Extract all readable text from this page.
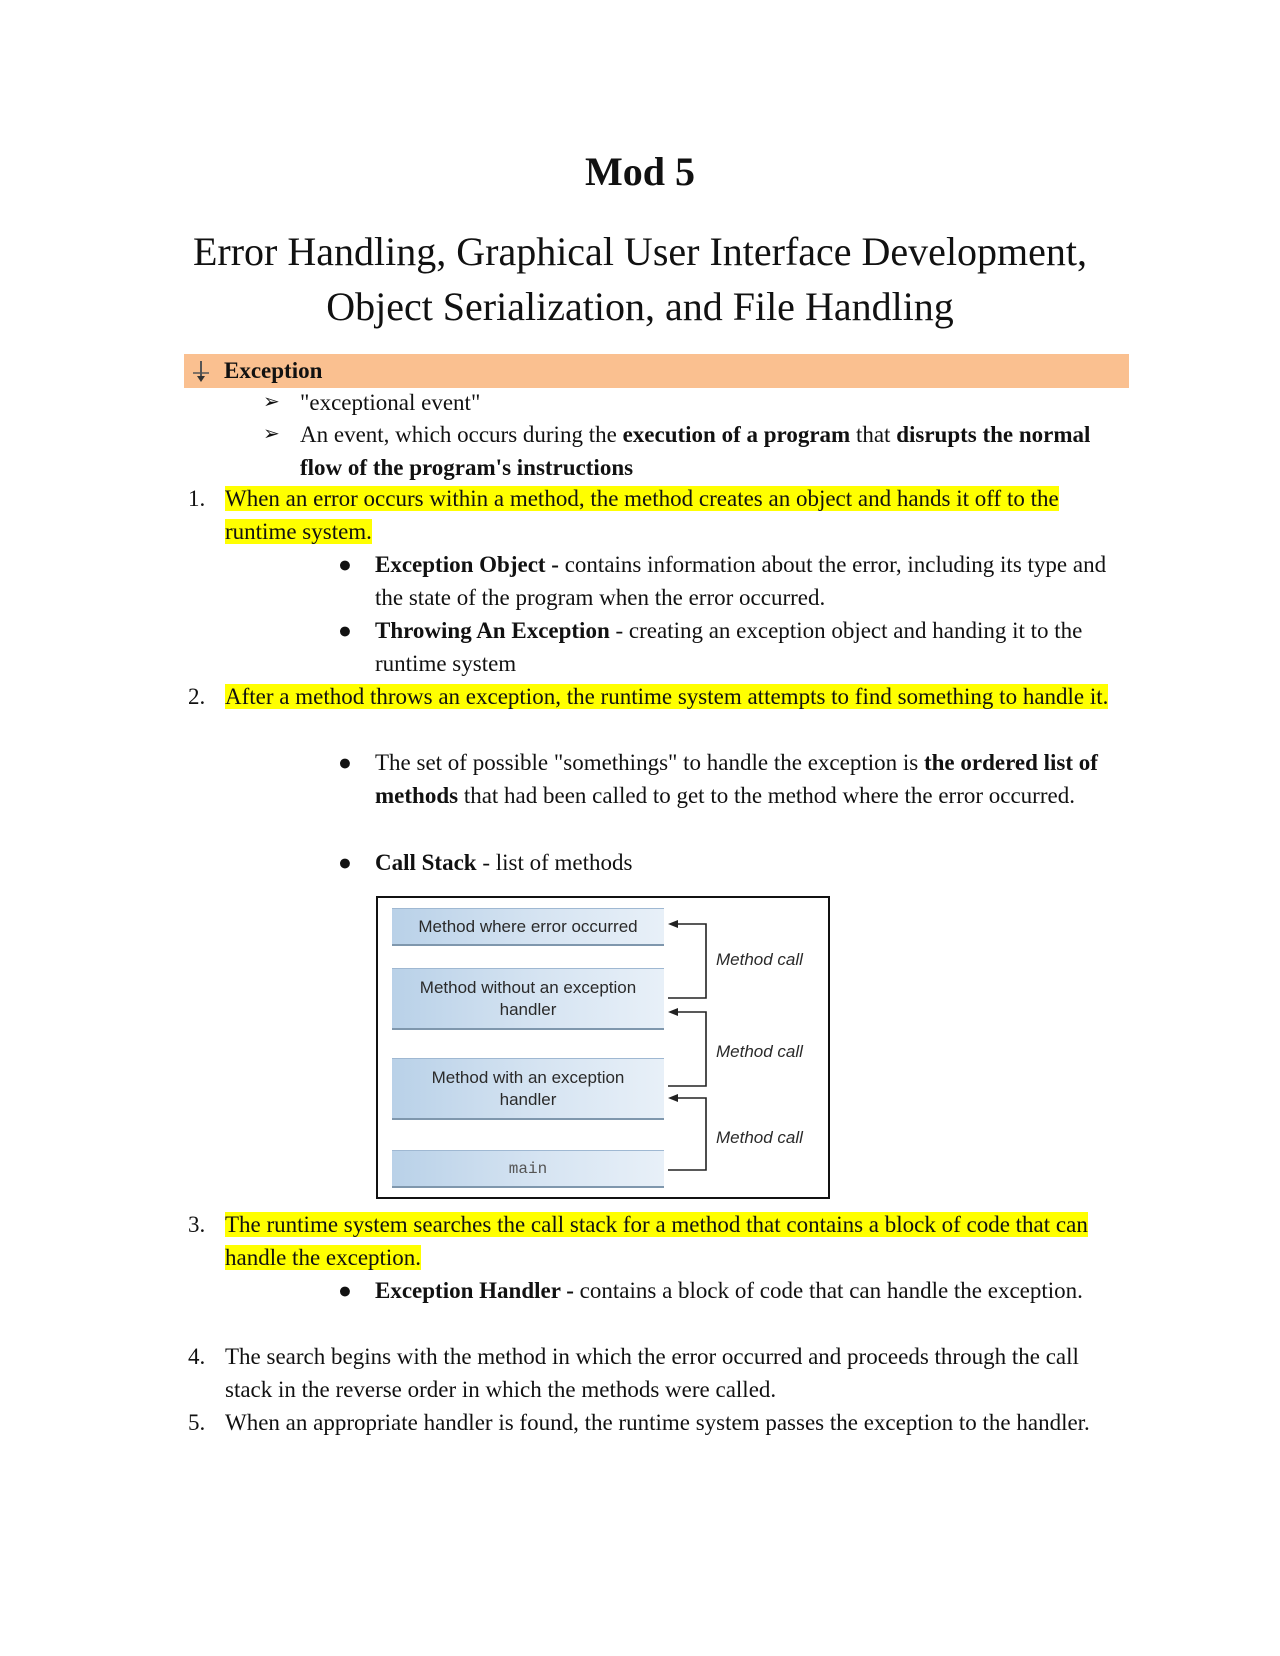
Mod 5
Error Handling, Graphical User Interface Development,
Object Serialization, and File Handling
Exception
➢ "exceptional event"
➢ An event, which occurs during the execution of a program that disrupts the normal flow of the program's instructions
1. When an error occurs within a method, the method creates an object and hands it off to the runtime system.
● Exception Object - contains information about the error, including its type and the state of the program when the error occurred.
● Throwing An Exception - creating an exception object and handing it to the runtime system
2. After a method throws an exception, the runtime system attempts to find something to handle it.
● The set of possible "somethings" to handle the exception is the ordered list of methods that had been called to get to the method where the error occurred.
● Call Stack - list of methods
Method where error occurred
Method without an exception handler
Method with an exception handler
main
Method call
Method call
Method call
3. The runtime system searches the call stack for a method that contains a block of code that can handle the exception.
● Exception Handler - contains a block of code that can handle the exception.
4. The search begins with the method in which the error occurred and proceeds through the call stack in the reverse order in which the methods were called.
5. When an appropriate handler is found, the runtime system passes the exception to the handler.
